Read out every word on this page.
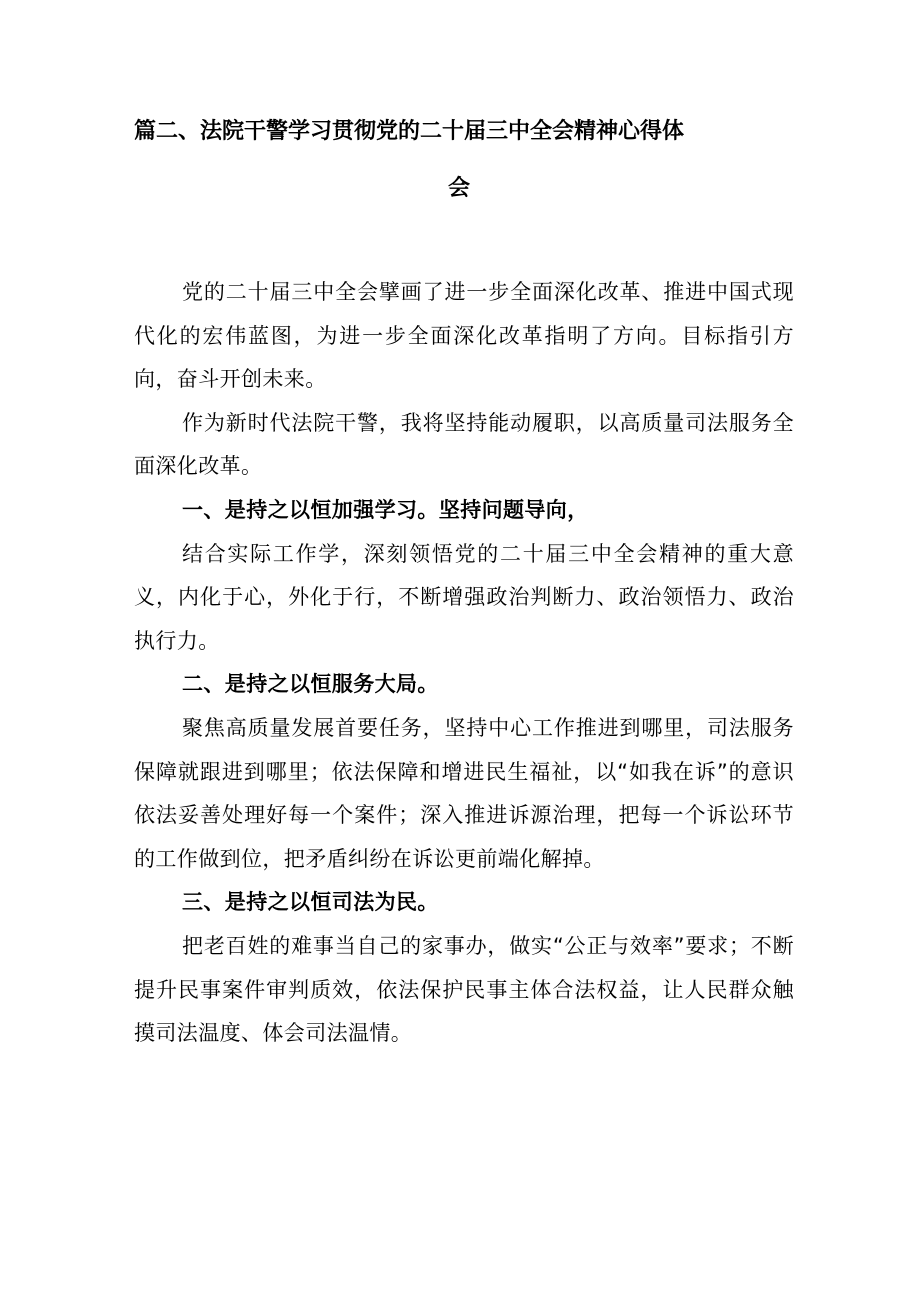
篇二、法院干警学习贯彻党的二十届三中全会精神心得体
会

党的二十届三中全会擘画了进一步全面深化改革、推进中国式现代化的宏伟蓝图，为进一步全面深化改革指明了方向。目标指引方向，奋斗开创未来。

作为新时代法院干警，我将坚持能动履职，以高质量司法服务全面深化改革。

一、是持之以恒加强学习。坚持问题导向，

结合实际工作学，深刻领悟党的二十届三中全会精神的重大意义，内化于心，外化于行，不断增强政治判断力、政治领悟力、政治执行力。

二、是持之以恒服务大局。

聚焦高质量发展首要任务，坚持中心工作推进到哪里，司法服务保障就跟进到哪里；依法保障和增进民生福祉，以“如我在诉”的意识依法妥善处理好每一个案件；深入推进诉源治理，把每一个诉讼环节的工作做到位，把矛盾纠纷在诉讼更前端化解掉。

三、是持之以恒司法为民。

把老百姓的难事当自己的家事办，做实“公正与效率”要求；不断提升民事案件审判质效，依法保护民事主体合法权益，让人民群众触摸司法温度、体会司法温情。
